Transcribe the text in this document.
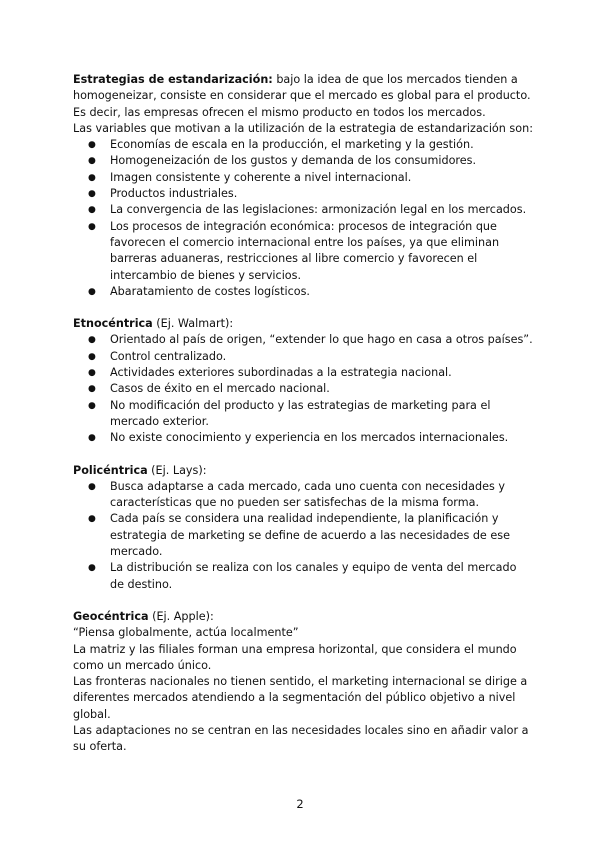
Estrategias de estandarización: bajo la idea de que los mercados tienden a homogeneizar, consiste en considerar que el mercado es global para el producto. Es decir, las empresas ofrecen el mismo producto en todos los mercados.

Las variables que motivan a la utilización de la estrategia de estandarización son:

● Economías de escala en la producción, el marketing y la gestión.
● Homogeneización de los gustos y demanda de los consumidores.
● Imagen consistente y coherente a nivel internacional.
● Productos industriales.
● La convergencia de las legislaciones: armonización legal en los mercados.
● Los procesos de integración económica: procesos de integración que favorecen el comercio internacional entre los países, ya que eliminan barreras aduaneras, restricciones al libre comercio y favorecen el intercambio de bienes y servicios.
● Abaratamiento de costes logísticos.

Etnocéntrica (Ej. Walmart):

● Orientado al país de origen, “extender lo que hago en casa a otros países”.
● Control centralizado.
● Actividades exteriores subordinadas a la estrategia nacional.
● Casos de éxito en el mercado nacional.
● No modificación del producto y las estrategias de marketing para el mercado exterior.
● No existe conocimiento y experiencia en los mercados internacionales.

Policéntrica (Ej. Lays):

● Busca adaptarse a cada mercado, cada uno cuenta con necesidades y características que no pueden ser satisfechas de la misma forma.
● Cada país se considera una realidad independiente, la planificación y estrategia de marketing se define de acuerdo a las necesidades de ese mercado.
● La distribución se realiza con los canales y equipo de venta del mercado de destino.

Geocéntrica (Ej. Apple):

“Piensa globalmente, actúa localmente”

La matriz y las filiales forman una empresa horizontal, que considera el mundo como un mercado único.

Las fronteras nacionales no tienen sentido, el marketing internacional se dirige a diferentes mercados atendiendo a la segmentación del público objetivo a nivel global.

Las adaptaciones no se centran en las necesidades locales sino en añadir valor a su oferta.

2
